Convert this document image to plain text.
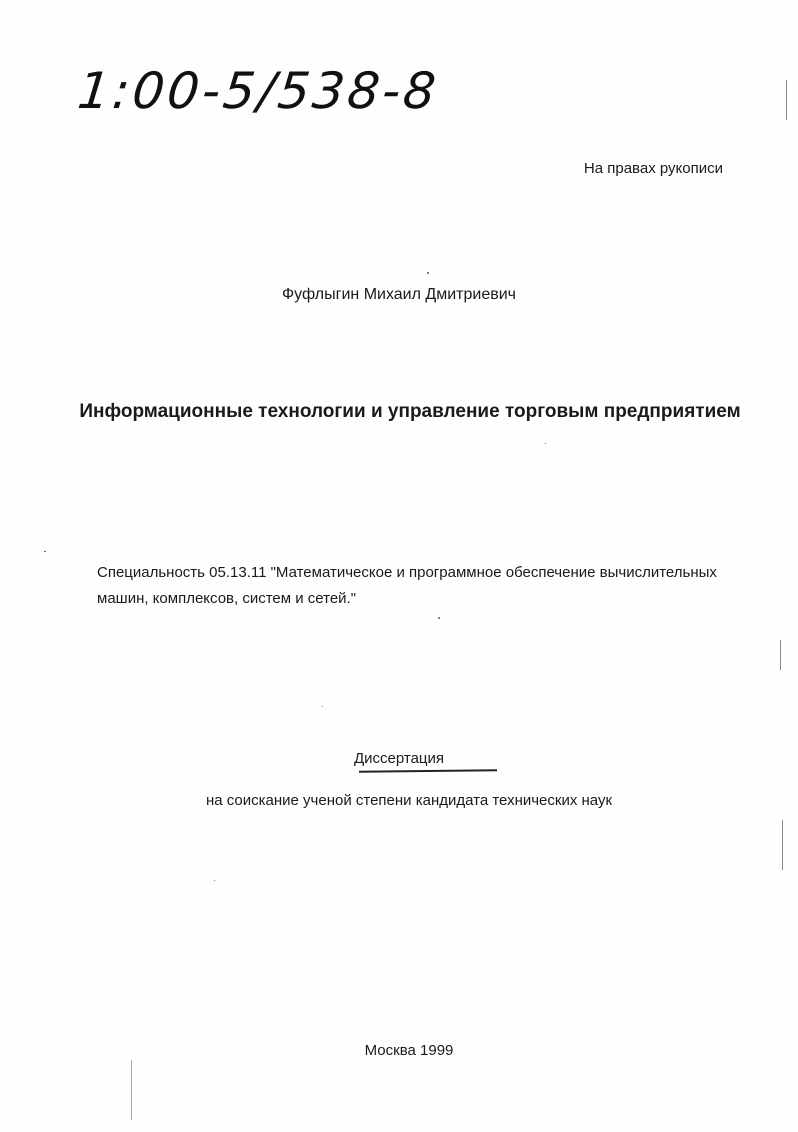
1:00-5/538-8
На правах рукописи
Фуфлыгин Михаил Дмитриевич
Информационные технологии и управление торговым предприятием
Специальность 05.13.11 "Математическое и программное обеспечение вычислительных машин, комплексов, систем и сетей."
Диссертация
на соискание ученой степени кандидата технических наук
Москва 1999
